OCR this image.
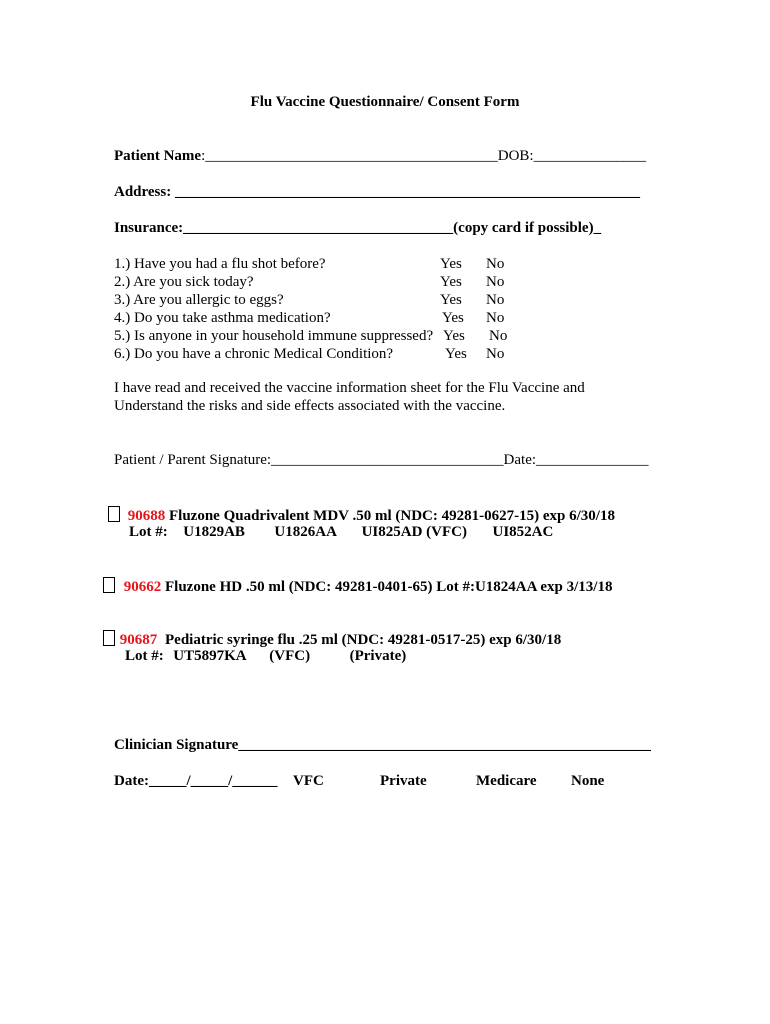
Flu Vaccine Questionnaire/ Consent Form
Patient Name:_______________________________________DOB:_______________
Address: ______________________________________________________________
Insurance:____________________________________(copy card if possible)_
1.) Have you had a flu shot before?	Yes No
2.) Are you sick today?	Yes No
3.) Are you allergic to eggs?	Yes No
4.) Do you take asthma medication?	Yes No
5.) Is anyone in your household immune suppressed? Yes No
6.) Do you have a chronic Medical Condition?	Yes No
I have read and received the vaccine information sheet for the Flu Vaccine and
Understand the risks and side effects associated with the vaccine.
Patient / Parent Signature:_______________________________Date:_______________
90688 Fluzone Quadrivalent MDV .50 ml (NDC: 49281-0627-15) exp 6/30/18
Lot #: U1829AB U1826AA UI825AD (VFC) UI852AC
90662 Fluzone HD .50 ml (NDC: 49281-0401-65) Lot #:U1824AA exp 3/13/18
90687 Pediatric syringe flu .25 ml (NDC: 49281-0517-25) exp 6/30/18
Lot #: UT5897KA (VFC)	(Private)
Clinician Signature_______________________________________________________
Date:_____/_____/______ VFC	Private	Medicare None
